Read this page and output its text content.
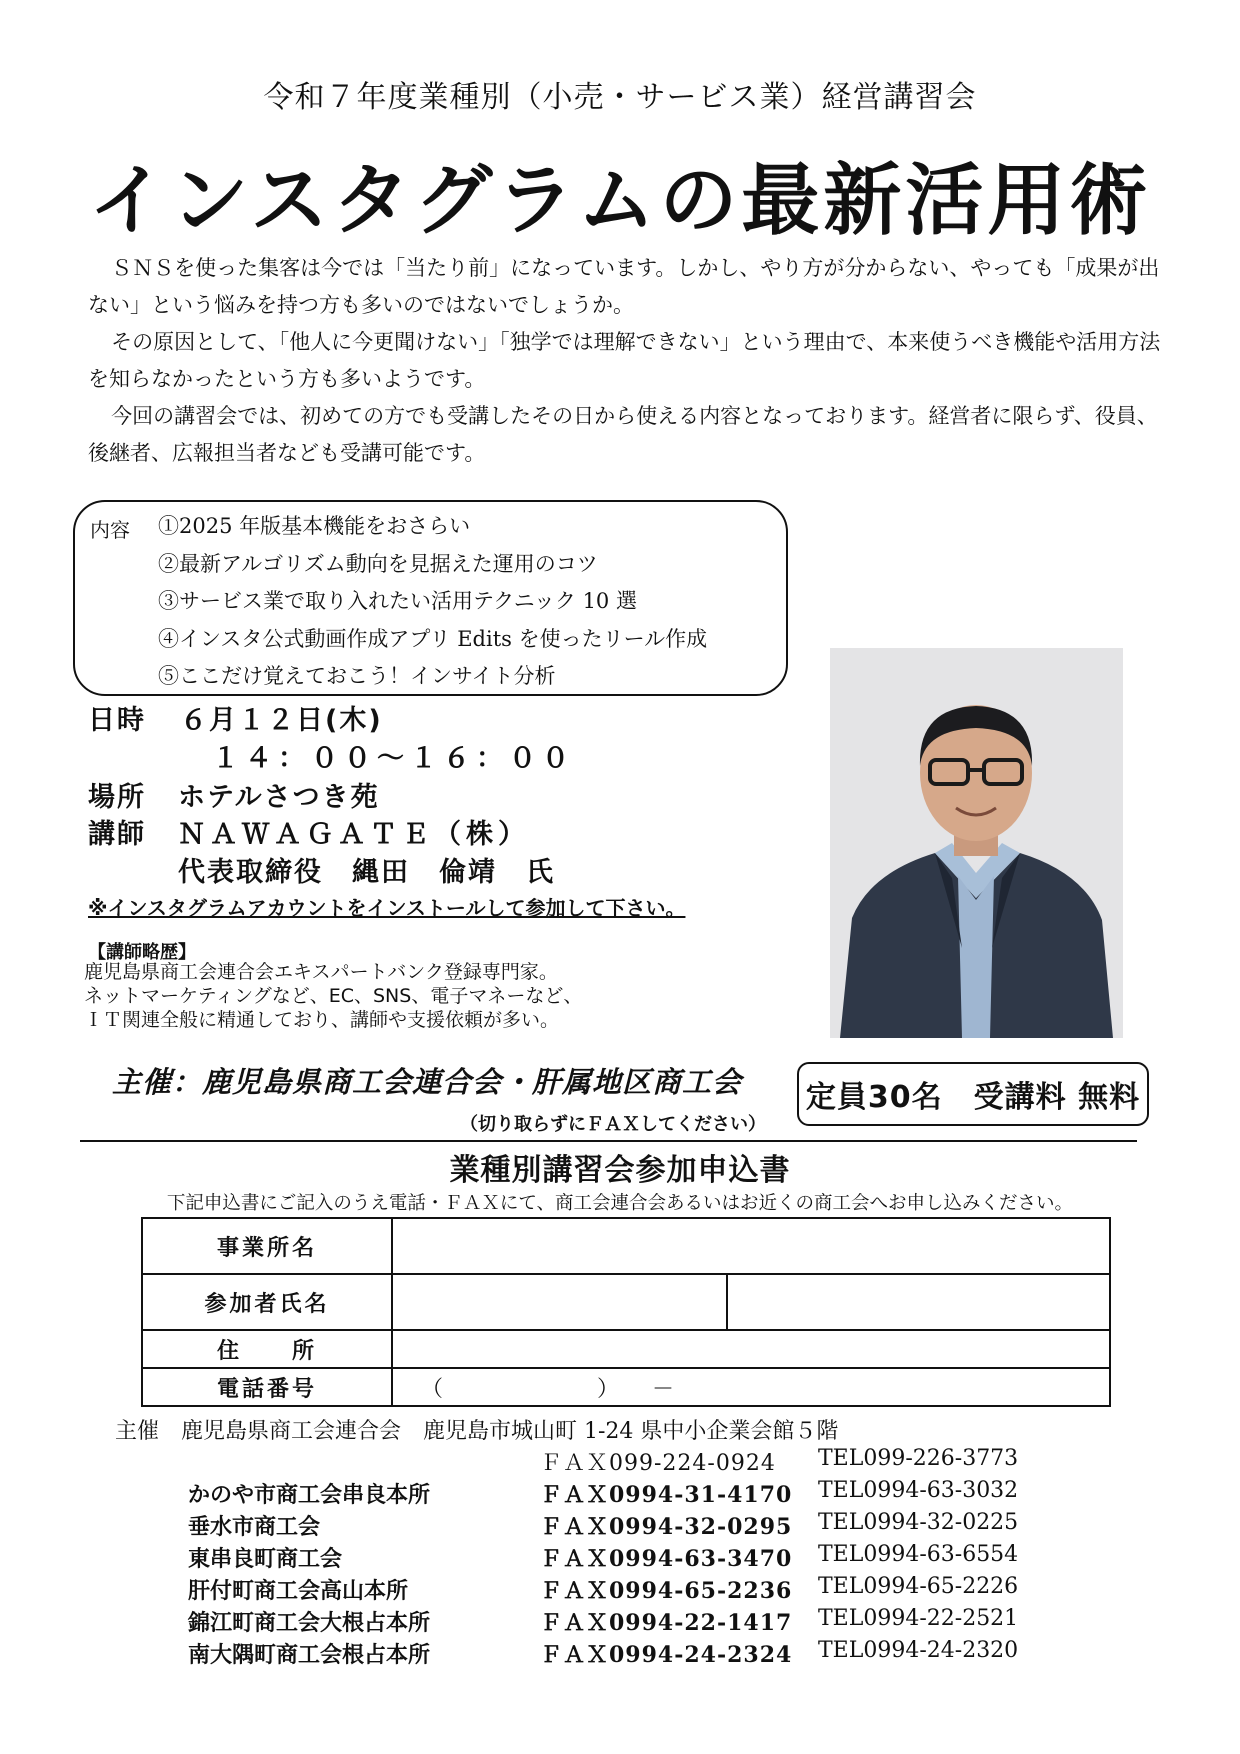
令和７年度業種別（小売・サービス業）経営講習会
インスタグラムの最新活用術

ＳＮＳを使った集客は今では「当たり前」になっています。しかし、やり方が分からない、やっても「成果が出ない」という悩みを持つ方も多いのではないでしょうか。

その原因として、「他人に今更聞けない」「独学では理解できない」という理由で、本来使うべき機能や活用方法を知らなかったという方も多いようです。

今回の講習会では、初めての方でも受講したその日から使える内容となっております。経営者に限らず、役員、後継者、広報担当者なども受講可能です。

内容 ①2025 年版基本機能をおさらい
②最新アルゴリズム動向を見据えた運用のコツ
③サービス業で取り入れたい活用テクニック 10 選
④インスタ公式動画作成アプリ Edits を使ったリール作成
⑤ここだけ覚えておこう！インサイト分析
日時 ６月１２日(木)
１４：００～１６：００
場所 ホテルさつき苑
講師 ＮＡＷＡＧＡＴＥ（株）
代表取締役　縄田　倫靖　氏
※インスタグラムアカウントをインストールして参加して下さい。
【講師略歴】
鹿児島県商工会連合会エキスパートバンク登録専門家。
ネットマーケティングなど、EC、SNS、電子マネーなど、
ＩＴ関連全般に精通しており、講師や支援依頼が多い。
主催：鹿児島県商工会連合会・肝属地区商工会 定員30名　受講料 無料
（切り取らずにＦＡＸしてください）
業種別講習会参加申込書
下記申込書にご記入のうえ電話・ＦＡＸにて、商工会連合会あるいはお近くの商工会へお申し込みください。
事業所名		
参加者氏名		
住　　所		
電話番号	（　　　　　　　）　　－	
主催　鹿児島県商工会連合会　鹿児島市城山町 1-24 県中小企業会館５階
ＦＡＸ099-224-0924 TEL099-226-3773
かのや市商工会串良本所	ＦＡＸ0994-31-4170 TEL0994-63-3032
垂水市商工会	ＦＡＸ0994-32-0295 TEL0994-32-0225
東串良町商工会	ＦＡＸ0994-63-3470 TEL0994-63-6554
肝付町商工会高山本所	ＦＡＸ0994-65-2236 TEL0994-65-2226
錦江町商工会大根占本所	ＦＡＸ0994-22-1417 TEL0994-22-2521
南大隅町商工会根占本所	ＦＡＸ0994-24-2324 TEL0994-24-2320
